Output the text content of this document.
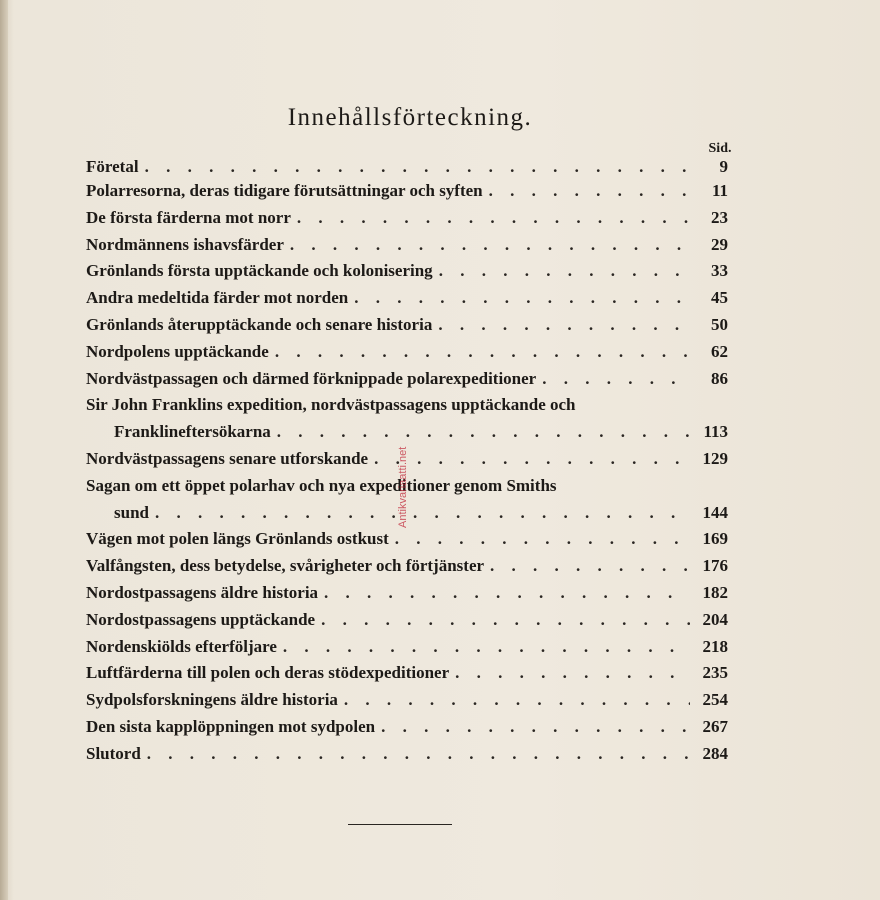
Innehållsförteckning.
Sid.
Företal . . .	9
Polarresorna, deras tidigare förutsättningar och syften . . .	11
De första färderna mot norr . . .	23
Nordmännens ishavsfärder . . .	29
Grönlands första upptäckande och kolonisering . . .	33
Andra medeltida färder mot norden . . .	45
Grönlands återupptäckande och senare historia . . .	50
Nordpolens upptäckande . . .	62
Nordvästpassagen och därmed förknippade polarexpeditioner . . .	86
Sir John Franklins expedition, nordvästpassagens upptäckande och
Franklineftersökarna . . .	113
Nordvästpassagens senare utforskande . . .	129
Sagan om ett öppet polarhav och nya expeditioner genom Smiths
sund . . .	144
Vägen mot polen längs Grönlands ostkust . . .	169
Valfångsten, dess betydelse, svårigheter och förtjänster . . .	176
Nordostpassagens äldre historia . . .	182
Nordostpassagens upptäckande . . .	204
Nordenskiölds efterföljare . . .	218
Luftfärderna till polen och deras stödexpeditioner . . .	235
Sydpolsforskningens äldre historia . . .	254
Den sista kapplöppningen mot sydpolen . . .	267
Slutord . . .	284
Antikvariaatti.net
